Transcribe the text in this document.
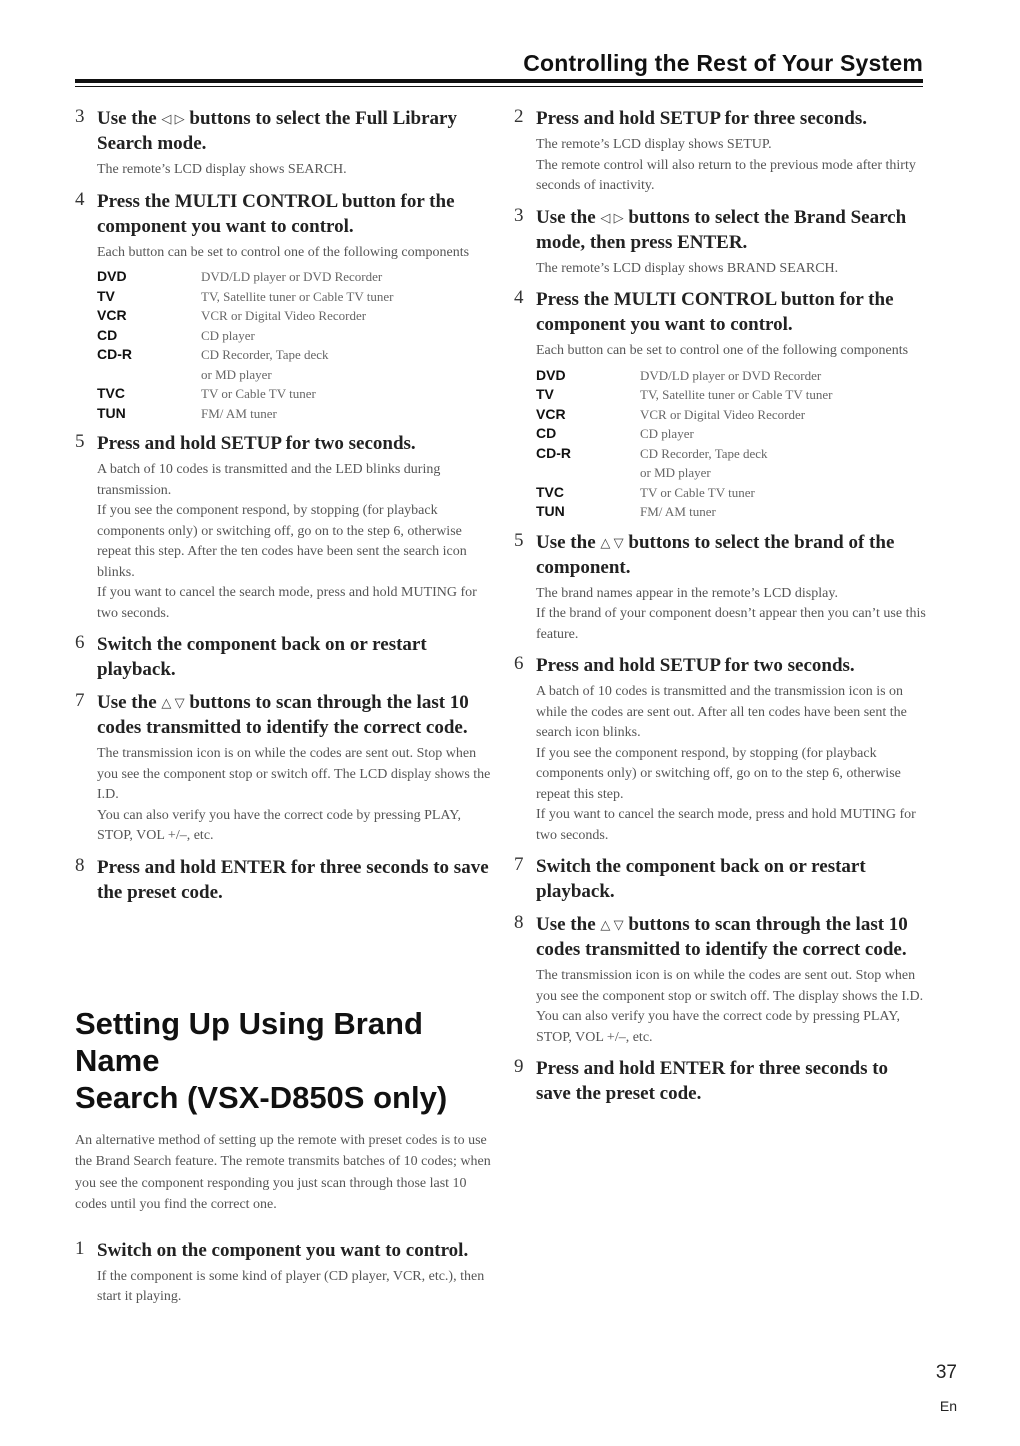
Controlling the Rest of Your System
3 Use the ◁ ▷ buttons to select the Full Library Search mode.

The remote’s LCD display shows SEARCH.

4 Press the MULTI CONTROL button for the component you want to control.

Each button can be set to control one of the following components

DVD	DVD/LD player or DVD Recorder
TV	TV, Satellite tuner or Cable TV tuner
VCR	VCR or Digital Video Recorder
CD	CD player
CD-R	CD Recorder, Tape deck
	or MD player
TVC	TV or Cable TV tuner
TUN	FM/ AM tuner
5 Press and hold SETUP for two seconds.

A batch of 10 codes is transmitted and the LED blinks during transmission.

If you see the component respond, by stopping (for playback components only) or switching off, go on to the step 6, otherwise repeat this step. After the ten codes have been sent the search icon blinks.

If you want to cancel the search mode, press and hold MUTING for two seconds.

6 Switch the component back on or restart playback.
7 Use the △ ▽ buttons to scan through the last 10 codes transmitted to identify the correct code.

The transmission icon is on while the codes are sent out. Stop when you see the component stop or switch off. The LCD display shows the I.D.

You can also verify you have the correct code by pressing PLAY, STOP, VOL +/–, etc.

8 Press and hold ENTER for three seconds to save the preset code.
Setting Up Using Brand Name
Search (VSX-D850S only)

An alternative method of setting up the remote with preset codes is to use the Brand Search feature. The remote transmits batches of 10 codes; when you see the component responding you just scan through those last 10 codes until you find the correct one.

1 Switch on the component you want to control.

If the component is some kind of player (CD player, VCR, etc.), then start it playing.

2 Press and hold SETUP for three seconds.

The remote’s LCD display shows SETUP.

The remote control will also return to the previous mode after thirty seconds of inactivity.

3 Use the ◁ ▷ buttons to select the Brand Search mode, then press ENTER.

The remote’s LCD display shows BRAND SEARCH.

4 Press the MULTI CONTROL button for the component you want to control.

Each button can be set to control one of the following components

DVD	DVD/LD player or DVD Recorder
TV	TV, Satellite tuner or Cable TV tuner
VCR	VCR or Digital Video Recorder
CD	CD player
CD-R	CD Recorder, Tape deck
	or MD player
TVC	TV or Cable TV tuner
TUN	FM/ AM tuner
5 Use the △ ▽ buttons to select the brand of the component.

The brand names appear in the remote’s LCD display.

If the brand of your component doesn’t appear then you can’t use this feature.

6 Press and hold SETUP for two seconds.

A batch of 10 codes is transmitted and the transmission icon is on while the codes are sent out. After all ten codes have been sent the search icon blinks.

If you see the component respond, by stopping (for playback components only) or switching off, go on to the step 6, otherwise repeat this step.

If you want to cancel the search mode, press and hold MUTING for two seconds.

7 Switch the component back on or restart playback.
8 Use the △ ▽ buttons to scan through the last 10 codes transmitted to identify the correct code.

The transmission icon is on while the codes are sent out. Stop when you see the component stop or switch off. The display shows the I.D.

You can also verify you have the correct code by pressing PLAY, STOP, VOL +/–, etc.

9 Press and hold ENTER for three seconds to save the preset code.
37
En
